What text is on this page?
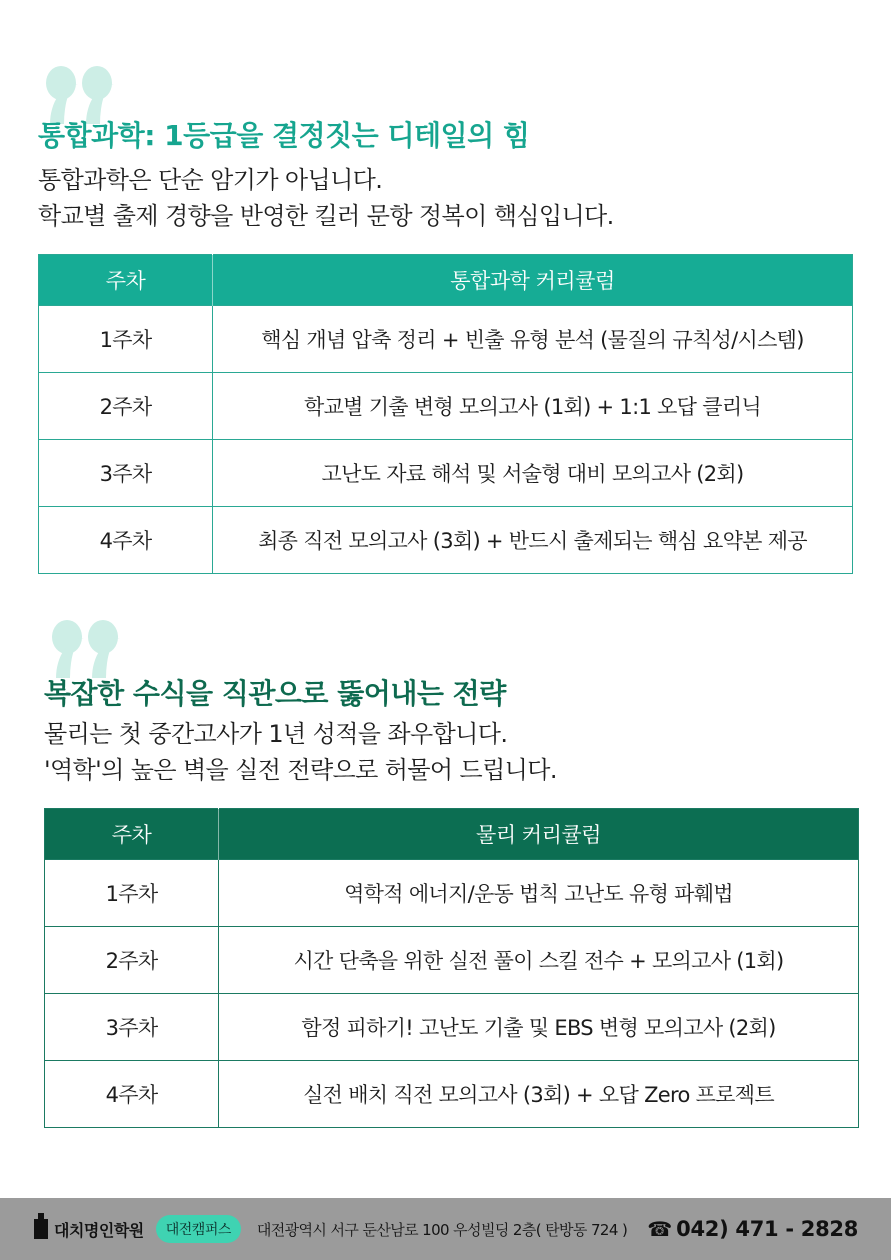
통합과학: 1등급을 결정짓는 디테일의 힘
통합과학은 단순 암기가 아닙니다.
학교별 출제 경향을 반영한 킬러 문항 정복이 핵심입니다.
주차	통합과학 커리큘럼
1주차	핵심 개념 압축 정리 + 빈출 유형 분석 (물질의 규칙성/시스템)
2주차	학교별 기출 변형 모의고사 (1회) + 1:1 오답 클리닉
3주차	고난도 자료 해석 및 서술형 대비 모의고사 (2회)
4주차	최종 직전 모의고사 (3회) + 반드시 출제되는 핵심 요약본 제공
복잡한 수식을 직관으로 뚫어내는 전략
물리는 첫 중간고사가 1년 성적을 좌우합니다.
'역학'의 높은 벽을 실전 전략으로 허물어 드립니다.
주차	물리 커리큘럼
1주차	역학적 에너지/운동 법칙 고난도 유형 파훼법
2주차	시간 단축을 위한 실전 풀이 스킬 전수 + 모의고사 (1회)
3주차	함정 피하기! 고난도 기출 및 EBS 변형 모의고사 (2회)
4주차	실전 배치 직전 모의고사 (3회) + 오답 Zero 프로젝트
대치명인학원	대전캠퍼스	대전광역시 서구 둔산남로 100 우성빌딩 2층( 탄방동 724 ) ☎ 042) 471 - 2828
